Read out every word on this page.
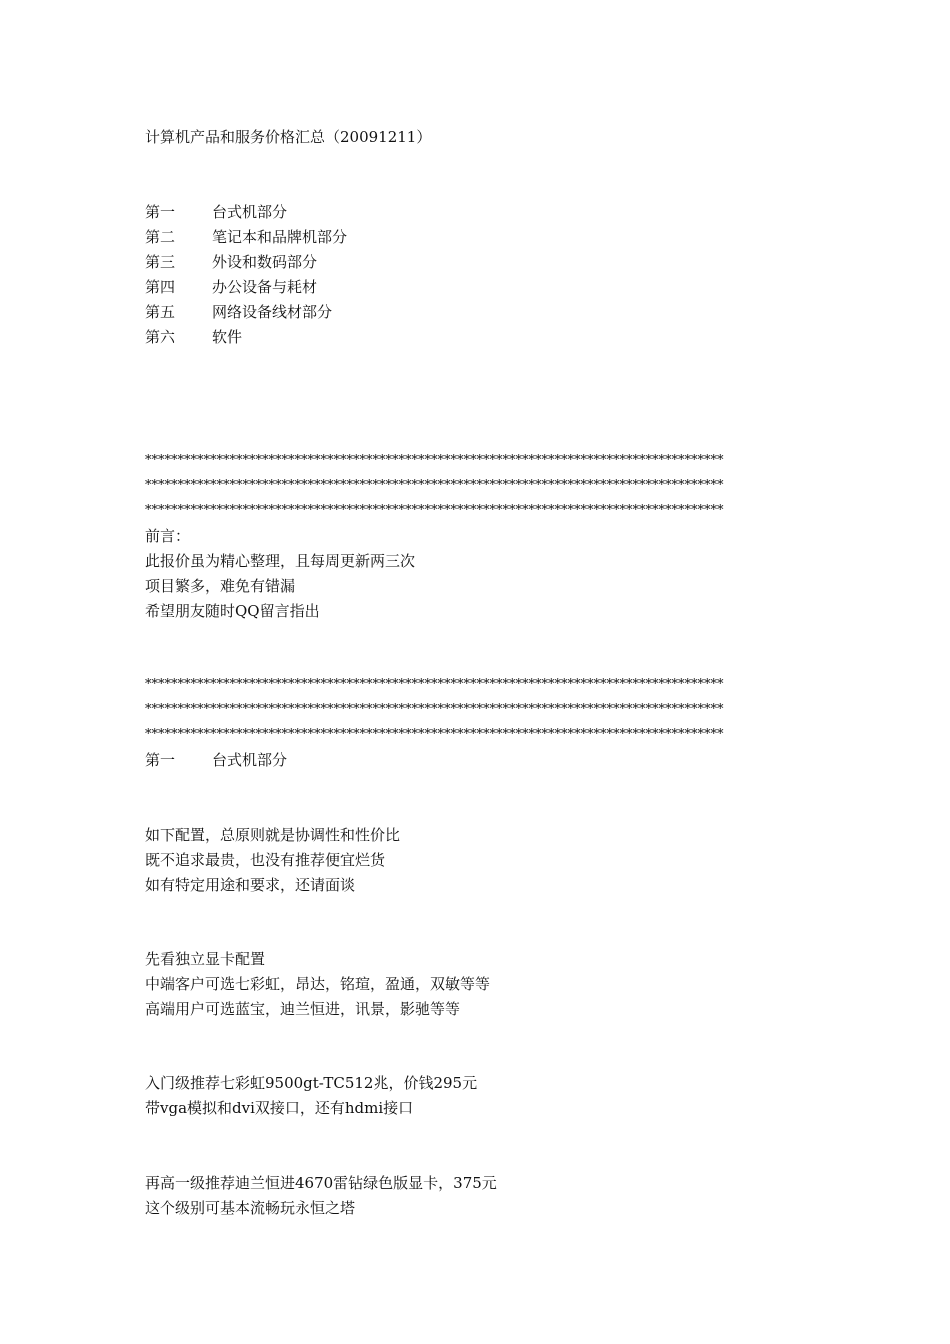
计算机产品和服务价格汇总（20091211）
第一 台式机部分
第二 笔记本和品牌机部分
第三 外设和数码部分
第四 办公设备与耗材
第五 网络设备线材部分
第六 软件
*****************************************************************************************
*****************************************************************************************
*****************************************************************************************
前言：
此报价虽为精心整理，且每周更新两三次
项目繁多，难免有错漏
希望朋友随时QQ留言指出
*****************************************************************************************
*****************************************************************************************
*****************************************************************************************
第一 台式机部分
如下配置，总原则就是协调性和性价比
既不追求最贵，也没有推荐便宜烂货
如有特定用途和要求，还请面谈
先看独立显卡配置
中端客户可选七彩虹，昂达，铭瑄，盈通，双敏等等
高端用户可选蓝宝，迪兰恒进，讯景，影驰等等
入门级推荐七彩虹9500gt-TC512兆，价钱295元
带vga模拟和dvi双接口，还有hdmi接口
再高一级推荐迪兰恒进4670雷钻绿色版显卡，375元
这个级别可基本流畅玩永恒之塔
